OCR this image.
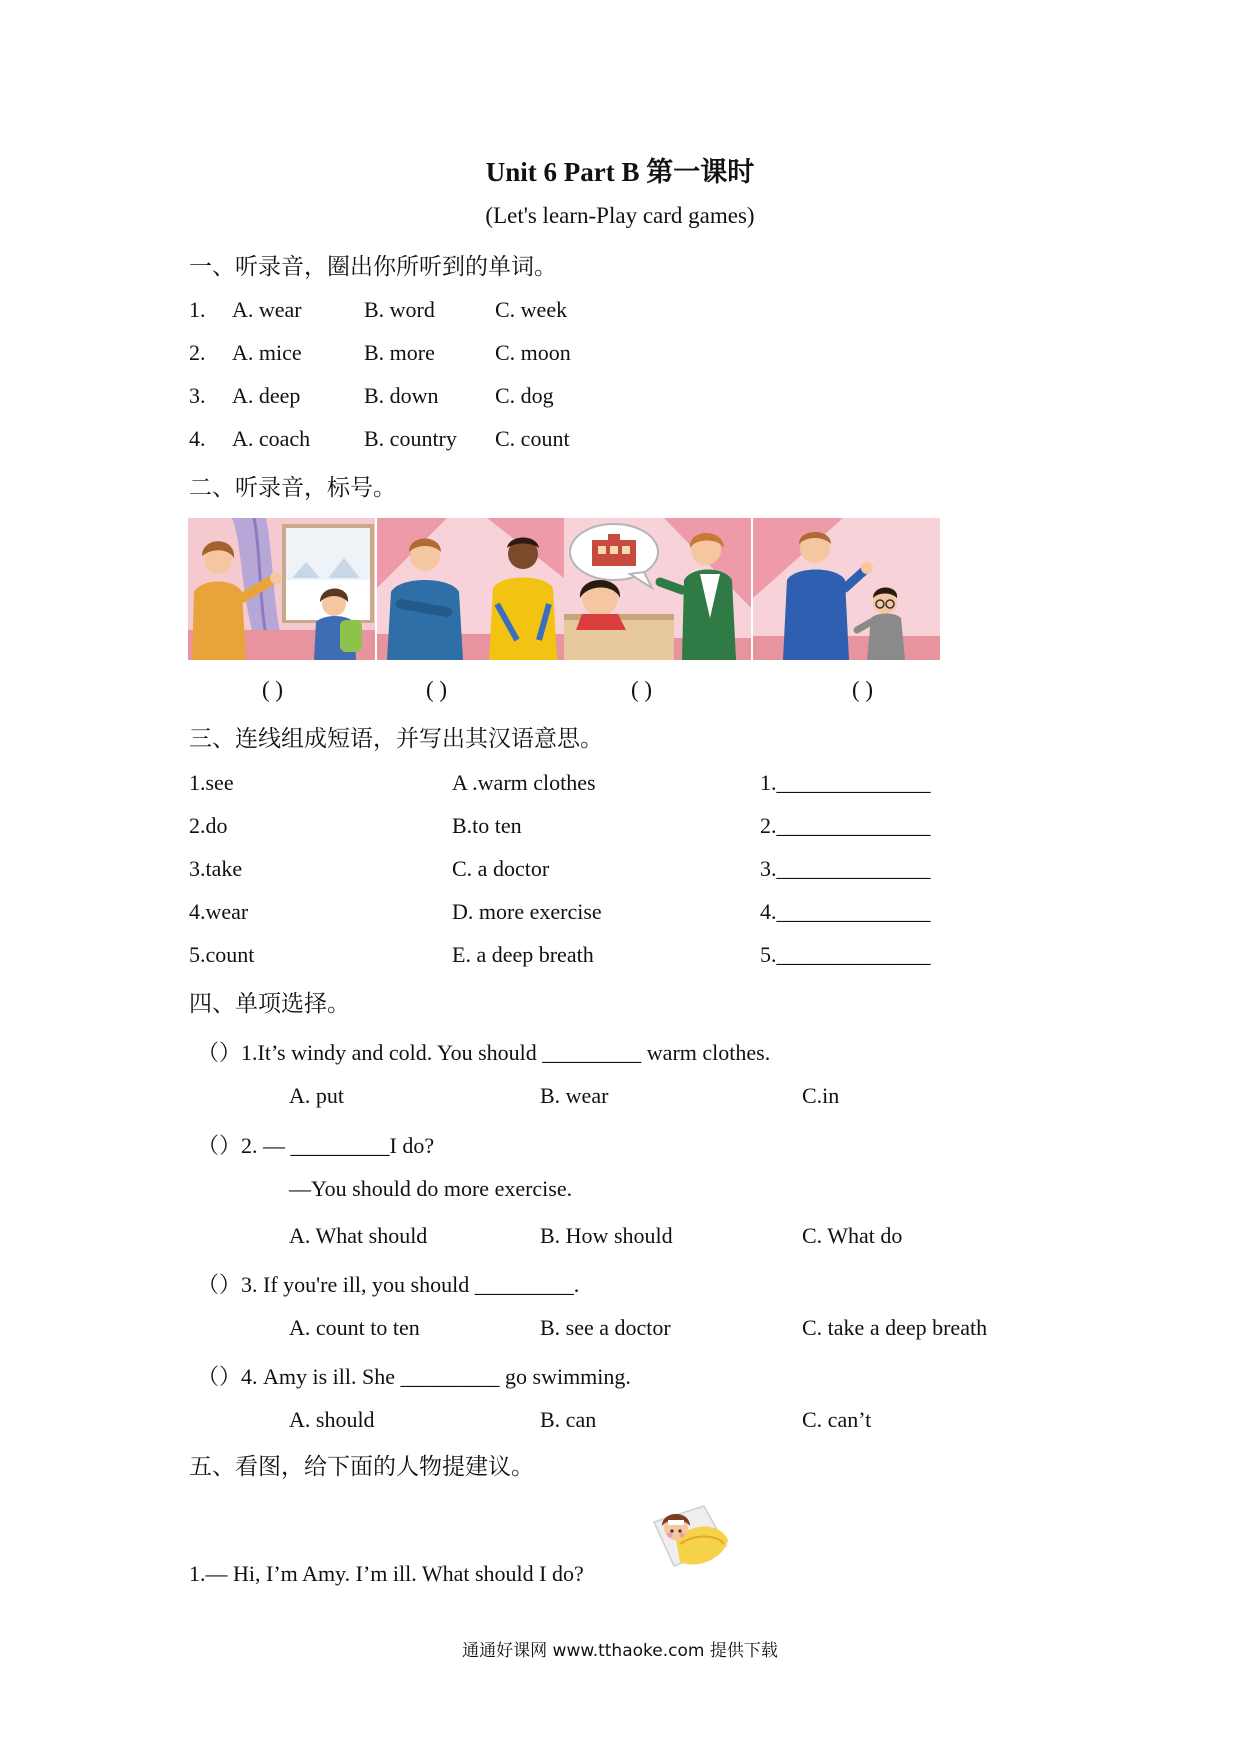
Unit 6 Part B 第一课时
(Let's learn-Play card games)
一、听录音，圈出你所听到的单词。
1. A. wear	B. word	C. week
2. A. mice	B. more	C. moon
3. A. deep	B. down	C. dog
4. A. coach B. country C. count
二、听录音，标号。
( )	( )	( )	( )
三、连线组成短语，并写出其汉语意思。
1.see	A .warm clothes	1.______________
2.do	B.to ten	2.______________
3.take	C. a doctor	3.______________
4.wear	D. more exercise	4.______________
5.count	E. a deep breath	5.______________
四、单项选择。
（）1.It’s windy and cold. You should _________ warm clothes.
A. put	B. wear	C.in
（）2. — _________I do?
—You should do more exercise.
A. What should	B. How should	C. What do
（）3. If you're ill, you should _________.
A. count to ten	B. see a doctor	C. take a deep breath
（）4. Amy is ill. She _________ go swimming.
A. should	B. can	C. can’t
五、看图，给下面的人物提建议。
1.— Hi, I’m Amy. I’m ill. What should I do?
通通好课网 www.tthaoke.com 提供下载
